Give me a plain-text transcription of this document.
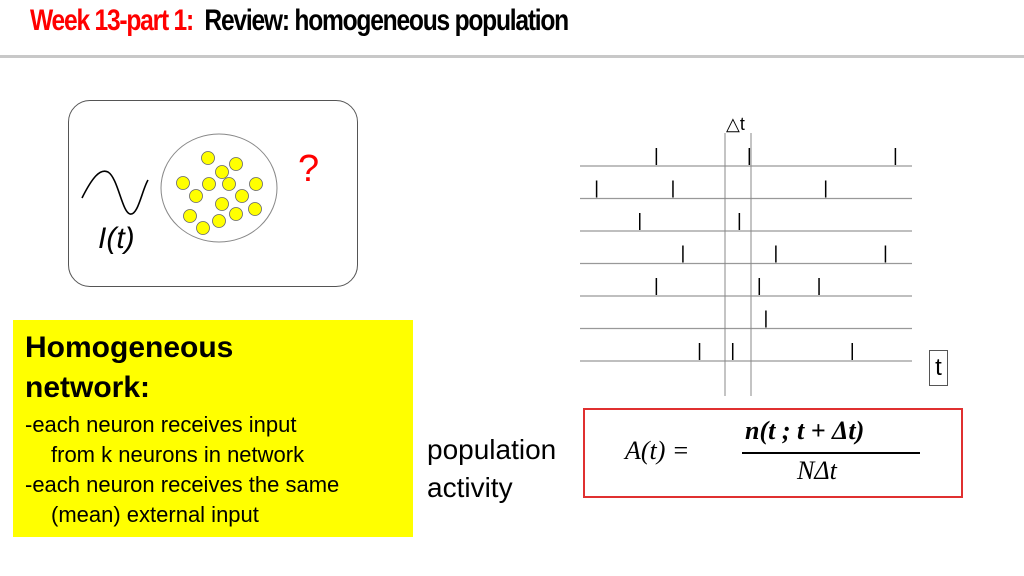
Week 13-part 1: Review: homogeneous population
I(t)
?
△t
t
Homogeneous
network:
-each neuron receives input
from k neurons in network
-each neuron receives the same
(mean) external input
population
activity
A(t) =
n(t ; t + Δt)
NΔt
